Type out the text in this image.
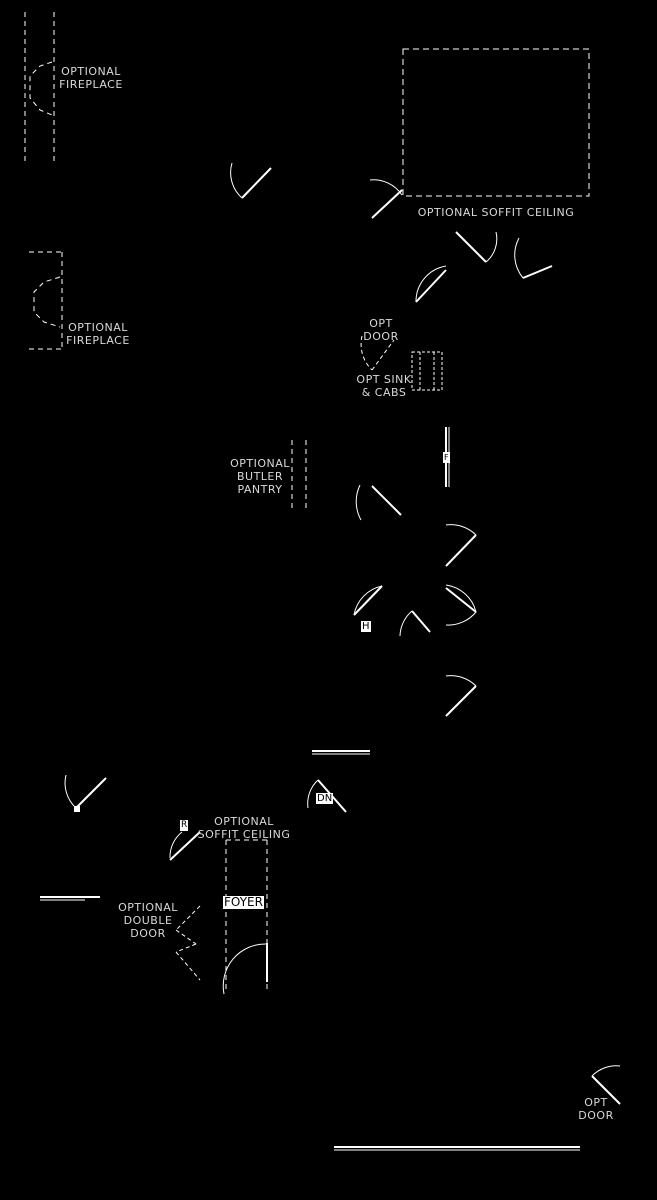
OPTIONAL
FIREPLACE
OPTIONAL
FIREPLACE
OPTIONAL SOFFIT CEILING
OPT
DOOR
OPT SINK
& CABS
OPTIONAL
BUTLER
PANTRY
OPTIONAL
SOFFIT CEILING
OPTIONAL
DOUBLE
DOOR
OPT
DOOR
F
H
DN
R
FOYER
